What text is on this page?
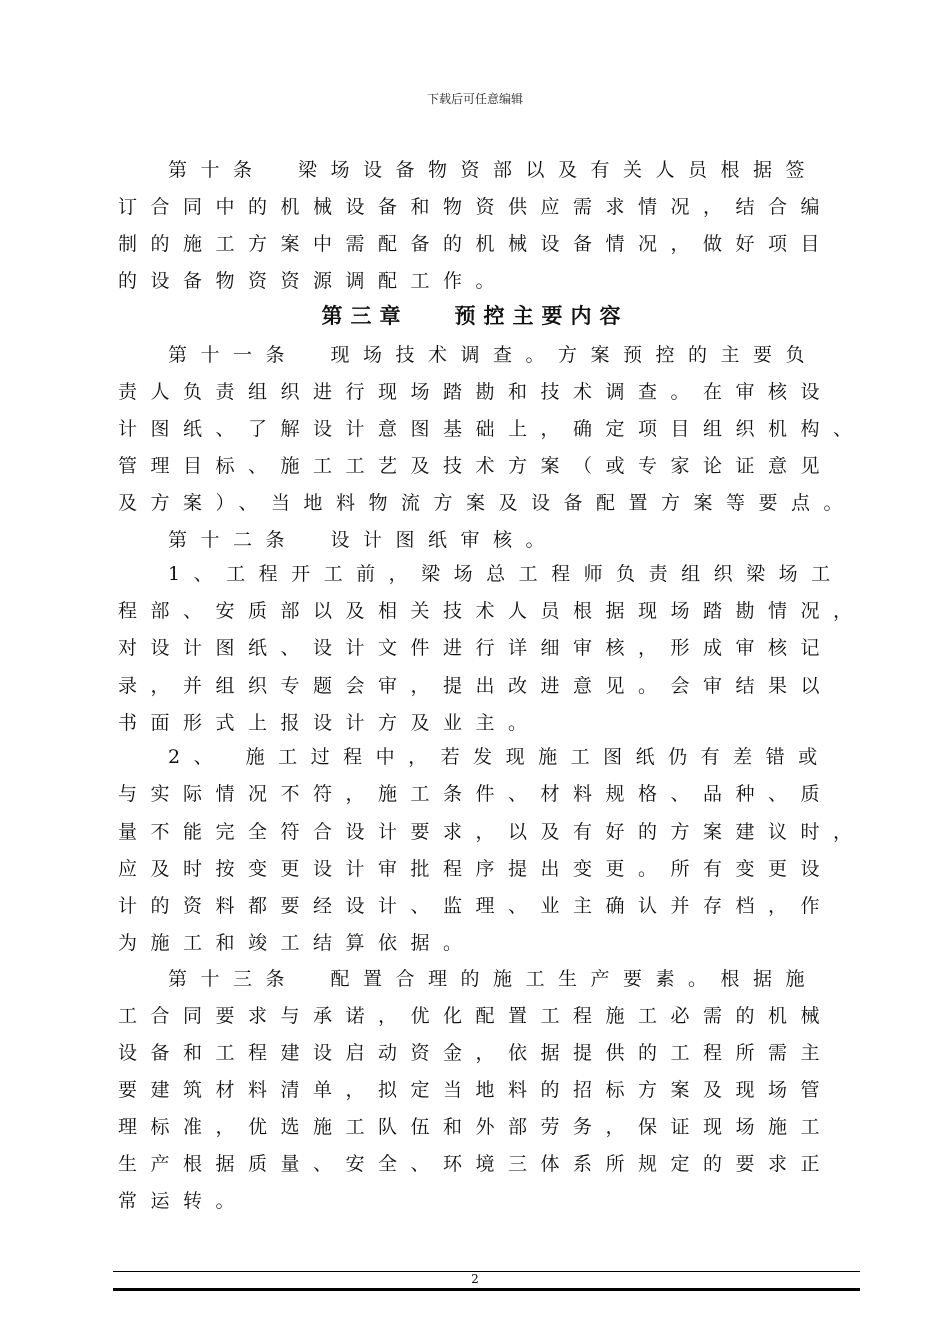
下载后可任意编辑
第十条　梁场设备物资部以及有关人员根据签
订合同中的机械设备和物资供应需求情况，结合编
制的施工方案中需配备的机械设备情况，做好项目
的设备物资资源调配工作。
第三章 预控主要内容
第十一条　现场技术调查。方案预控的主要负
责人负责组织进行现场踏勘和技术调查。在审核设
计图纸、了解设计意图基础上，确定项目组织机构、
管理目标、施工工艺及技术方案（或专家论证意见
及方案）、当地料物流方案及设备配置方案等要点。
第十二条　设计图纸审核。
1、工程开工前，梁场总工程师负责组织梁场工
程部、安质部以及相关技术人员根据现场踏勘情况，
对设计图纸、设计文件进行详细审核，形成审核记
录，并组织专题会审，提出改进意见。会审结果以
书面形式上报设计方及业主。
2、 施工过程中，若发现施工图纸仍有差错或
与实际情况不符，施工条件、材料规格、品种、质
量不能完全符合设计要求，以及有好的方案建议时，
应及时按变更设计审批程序提出变更。所有变更设
计的资料都要经设计、监理、业主确认并存档，作
为施工和竣工结算依据。
第十三条　配置合理的施工生产要素。根据施
工合同要求与承诺，优化配置工程施工必需的机械
设备和工程建设启动资金，依据提供的工程所需主
要建筑材料清单，拟定当地料的招标方案及现场管
理标准，优选施工队伍和外部劳务，保证现场施工
生产根据质量、安全、环境三体系所规定的要求正
常运转。
2
